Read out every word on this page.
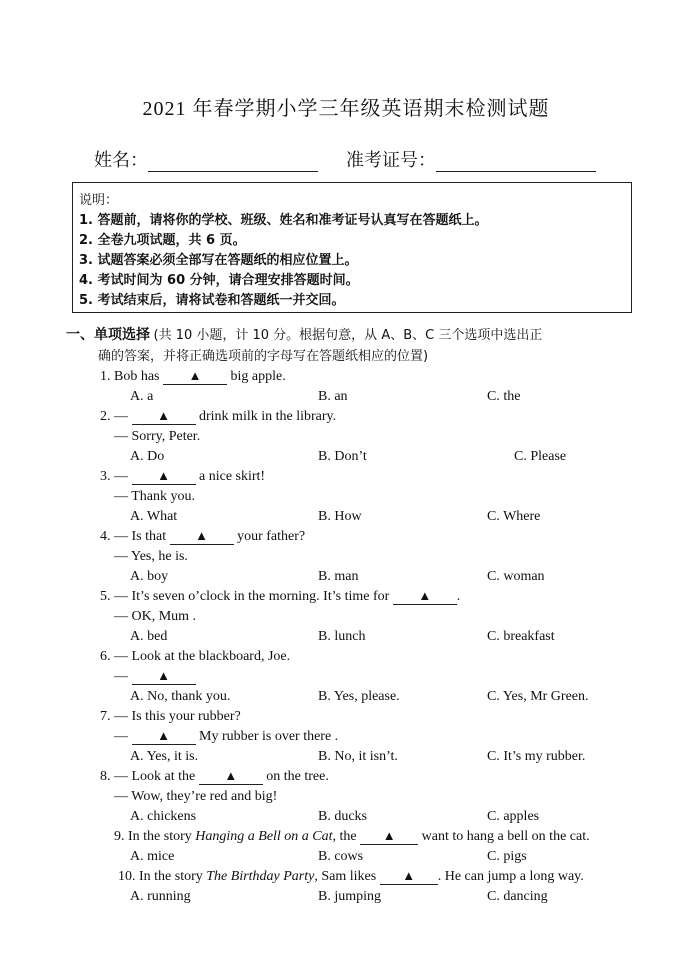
2021 年春学期小学三年级英语期末检测试题
姓名：	准考证号：
说明：
1. 答题前，请将你的学校、班级、姓名和准考证号认真写在答题纸上。
2. 全卷九项试题，共 6 页。
3. 试题答案必须全部写在答题纸的相应位置上。
4. 考试时间为 60 分钟，请合理安排答题时间。
5. 考试结束后，请将试卷和答题纸一并交回。
一、单项选择 (共 10 小题，计 10 分。根据句意，从 A、B、C 三个选项中选出正
确的答案，并将正确选项前的字母写在答题纸相应的位置)
1. Bob has ▲ big apple.
A. a	B. an	C. the
2. — ▲ drink milk in the library.
— Sorry, Peter.
A. Do	B. Don’t	C. Please
3. — ▲ a nice skirt!
— Thank you.
A. What	B. How	C. Where
4. — Is that ▲ your father?
— Yes, he is.
A. boy	B. man	C. woman
5. — It’s seven o’clock in the morning. It’s time for ▲ .
— OK, Mum .
A. bed	B. lunch	C. breakfast
6. — Look at the blackboard, Joe.
— ▲
A. No, thank you.	B. Yes, please.	C. Yes, Mr Green.
7. — Is this your rubber?
— ▲ My rubber is over there .
A. Yes, it is.	B. No, it isn’t.	C. It’s my rubber.
8. — Look at the ▲ on the tree.
— Wow, they’re red and big!
A. chickens	B. ducks	C. apples
9. In the story Hanging a Bell on a Cat, the ▲ want to hang a bell on the cat.
A. mice	B. cows	C. pigs
10. In the story The Birthday Party, Sam likes ▲ . He can jump a long way.
A. running	B. jumping	C. dancing
